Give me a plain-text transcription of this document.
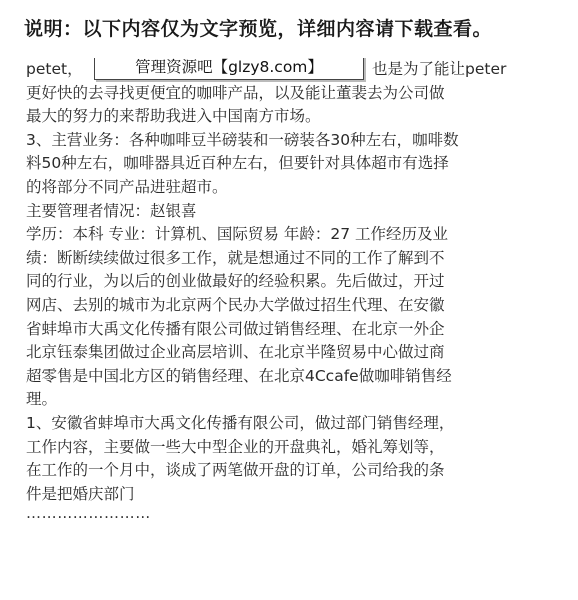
说明：以下内容仅为文字预览，详细内容请下载查看。
petet，	也是为了能让peter
管理资源吧【glzy8.com】
更好快的去寻找更便宜的咖啡产品，以及能让董裴去为公司做
最大的努力的来帮助我进入中国南方市场。
3、主营业务：各种咖啡豆半磅装和一磅装各30种左右，咖啡数
料50种左右，咖啡器具近百种左右，但要针对具体超市有选择
的将部分不同产品进驻超市。
主要管理者情况：赵银喜
学历：本科 专业：计算机、国际贸易 年龄：27 工作经历及业
绩：断断续续做过很多工作，就是想通过不同的工作了解到不
同的行业，为以后的创业做最好的经验积累。先后做过，开过
网店、去别的城市为北京两个民办大学做过招生代理、在安徽
省蚌埠市大禹文化传播有限公司做过销售经理、在北京一外企
北京钰泰集团做过企业高层培训、在北京半隆贸易中心做过商
超零售是中国北方区的销售经理、在北京4Ccafe做咖啡销售经
理。
1、安徽省蚌埠市大禹文化传播有限公司，做过部门销售经理，
工作内容，主要做一些大中型企业的开盘典礼，婚礼筹划等，
在工作的一个月中，谈成了两笔做开盘的订单，公司给我的条
件是把婚庆部门
……………………
